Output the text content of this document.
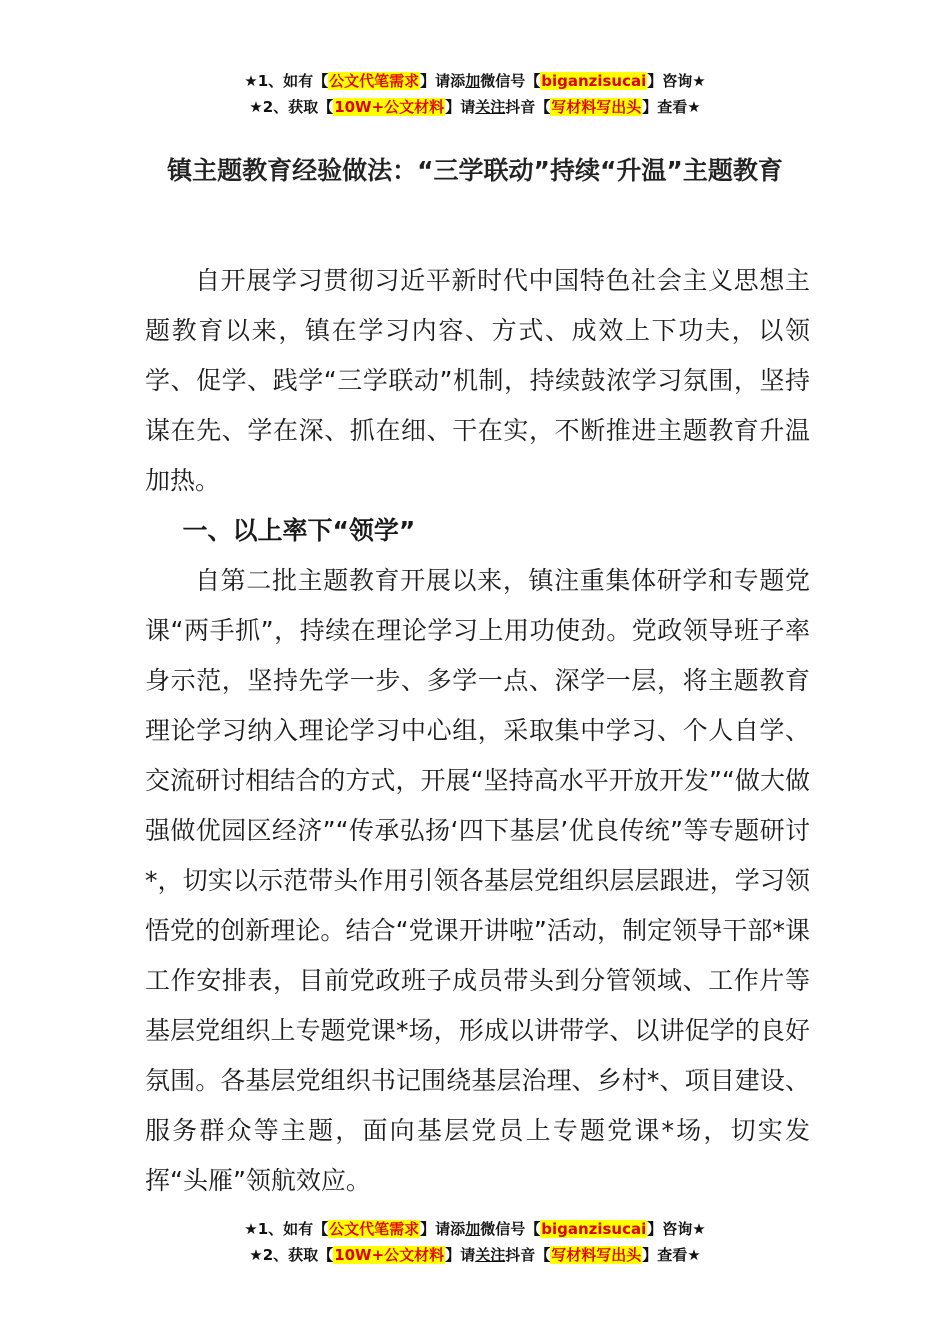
★1、如有【公文代笔需求】请添加微信号【biganzisucai】咨询★
★2、获取【10W+公文材料】请关注抖音【写材料写出头】查看★
镇主题教育经验做法：“三学联动”持续“升温”主题教育

自开展学习贯彻习近平新时代中国特色社会主义思想主题教育以来，镇在学习内容、方式、成效上下功夫，以领学、促学、践学“三学联动”机制，持续鼓浓学习氛围，坚持谋在先、学在深、抓在细、干在实，不断推进主题教育升温加热。

一、以上率下“领学”

自第二批主题教育开展以来，镇注重集体研学和专题党课“两手抓”，持续在理论学习上用功使劲。党政领导班子率身示范，坚持先学一步、多学一点、深学一层，将主题教育理论学习纳入理论学习中心组，采取集中学习、个人自学、交流研讨相结合的方式，开展“坚持高水平开放开发”“做大做强做优园区经济”“传承弘扬‘四下基层’优良传统”等专题研讨*，切实以示范带头作用引领各基层党组织层层跟进，学习领悟党的创新理论。结合“党课开讲啦”活动，制定领导干部*课工作安排表，目前党政班子成员带头到分管领域、工作片等基层党组织上专题党课*场，形成以讲带学、以讲促学的良好氛围。各基层党组织书记围绕基层治理、乡村*、项目建设、服务群众等主题，面向基层党员上专题党课*场，切实发挥“头雁”领航效应。

★1、如有【公文代笔需求】请添加微信号【biganzisucai】咨询★
★2、获取【10W+公文材料】请关注抖音【写材料写出头】查看★
